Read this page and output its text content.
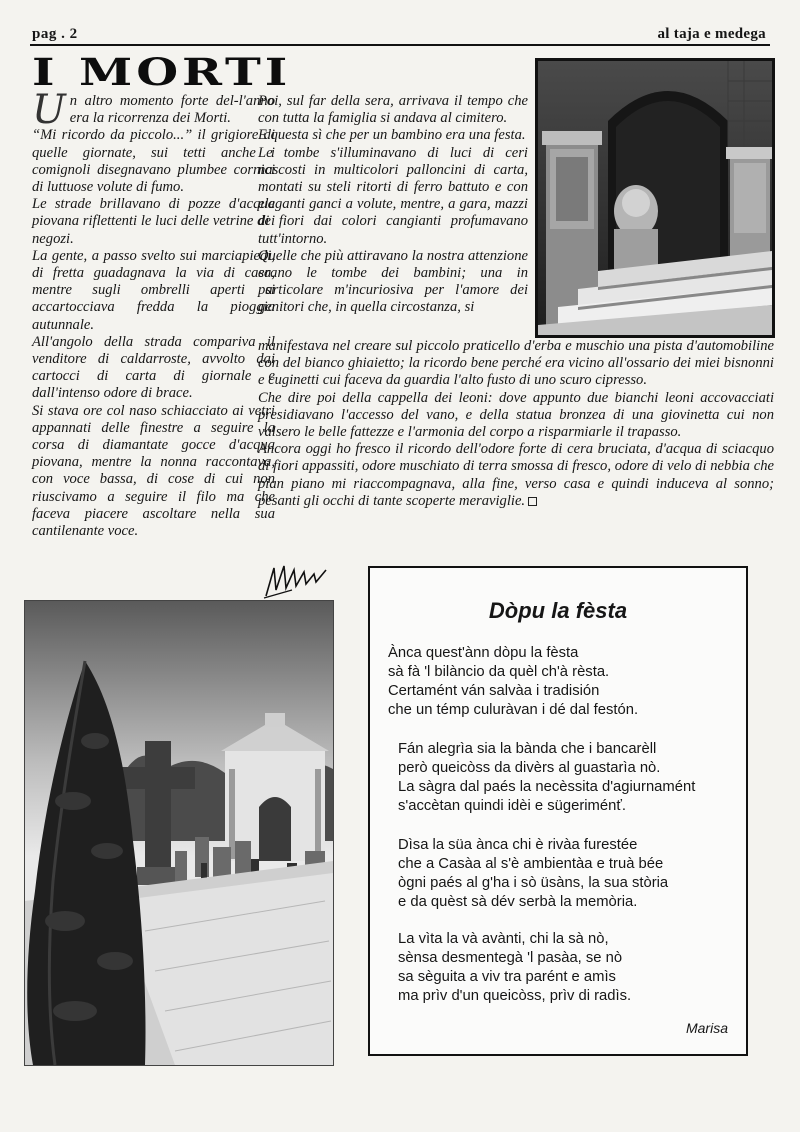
pag . 2	al taja e medega
I MORTI

Un altro momento forte del-l'anno era la ricorrenza dei Morti.

“Mi ricordo da piccolo...” il grigiore di quelle giornate, sui tetti anche i comignoli disegnavano plumbee cornici di luttuose volute di fumo.

Le strade brillavano di pozze d'acqua piovana riflettenti le luci delle vetrine dei negozi.

La gente, a passo svelto sui marciapiedi, di fretta guadagnava la via di casa, mentre sugli ombrelli aperti si accartocciava fredda la pioggia autunnale.

All'angolo della strada compariva il venditore di caldarroste, avvolto dai cartocci di carta di giornale e dall'intenso odore di brace.

Si stava ore col naso schiacciato ai vetri appannati delle finestre a seguire la corsa di diamantate gocce d'acqua piovana, mentre la nonna raccontava, con voce bassa, di cose di cui non riuscivamo a seguire il filo ma che faceva piacere ascoltare nella sua cantilenante voce.

Poi, sul far della sera, arrivava il tempo che con tutta la famiglia si andava al cimitero.

E questa sì che per un bambino era una festa.

Le tombe s'illuminavano di luci di ceri nascosti in multicolori palloncini di carta, montati su steli ritorti di ferro battuto e con eleganti ganci a volute, mentre, a gara, mazzi di fiori dai colori cangianti profumavano tutt'intorno.

Quelle che più attiravano la nostra attenzione erano le tombe dei bambini; una in particolare m'incuriosiva per l'amore dei genitori che, in quella circostanza, si

manifestava nel creare sul piccolo praticello d'erba e muschio una pista d'automobiline con del bianco ghiaietto; la ricordo bene perché era vicino all'ossario dei miei bisnonni e cuginetti cui faceva da guardia l'alto fusto di uno scuro cipresso.

Che dire poi della cappella dei leoni: dove appunto due bianchi leoni accovacciati presidiavano l'accesso del vano, e della statua bronzea di una giovinetta cui non valsero le belle fattezze e l'armonia del corpo a risparmiarle il trapasso.

Ancora oggi ho fresco il ricordo dell'odore forte di cera bruciata, d'acqua di sciacquo di fiori appassiti, odore muschiato di terra smossa di fresco, odore di velo di nebbia che pian piano mi riaccompagnava, alla fine, verso casa e quindi induceva al sonno; pesanti gli occhi di tante scoperte meraviglie.

Dòpu la fèsta
Ànca quest'ànn dòpu la fèsta
sà fà 'l bilàncio da quèl ch'à rèsta.
Certamént ván salvàa i tradisión
che un témp culuràvan i dé dal festón.
Fán alegrìa sia la bànda che i bancarèll
però queicòss da divèrs al guastarìa nò.
La sàgra dal paés la necèssita d'agiurnamént
s'accètan quindi idèi e sügeriménť.
Dìsa la süa ànca chi è rivàa furestée
che a Casàa al s'è ambientàa e truà bée
ògni paés al g'ha i sò üsàns, la sua stòria
e da quèst sà dév serbà la memòria.
La vìta la và avànti, chi la sà nò,
sènsa desmentegà 'l pasàa, se nò
sa sèguita a viv tra parént e amìs
ma prìv d'un queicòss, prìv di radìs.
Marisa
